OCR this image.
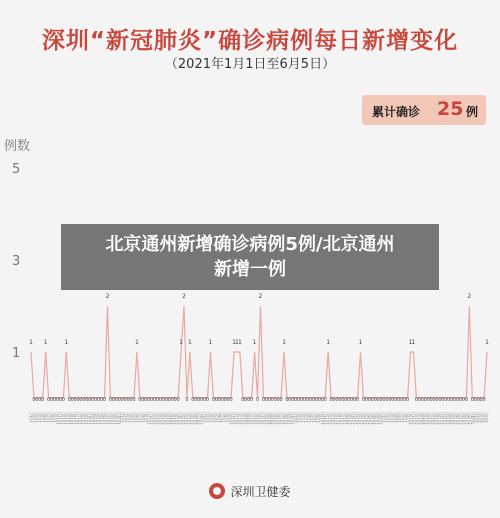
深圳“新冠肺炎”确诊病例每日新增变化
（2021年1月1日至6月5日）
累计确诊 25 例
例数
1
3
5
1
0 0 0 0
1
0 0 0 0 0 0
1
0 0 0 0 0 0 0 0 0 0 0 0 0
2
0 0 0 0 0 0 0 0 0
1
0 0 0 0 0 0 0 0 0 0 0 0 0 0
1
2
0
1
0 0 0 0 0 0
1
0 0 0 0 0 0 0
1 1 1
0 0 0 0
1
0
2
0 0 0 0 0 0 0
1
0 0 0 0 0 0 0 0 0 0 0 0 0 0
1
0 0 0 0 0 0 0 0 0 0
1
0 0 0 0 0 0 0 0 0 0 0 0 0 0 0 0
1 1
0 0 0 0 0 0 0 0 0 0 0 0 0 0 0 0 0 0
2
0 0 0 0 0
1
1月1日
1月2日
1月3日
1月4日
1月5日
1月6日
1月7日
1月8日
1月9日
1月10日
1月11日
1月12日
1月13日
1月14日
1月15日
1月16日
1月17日
1月18日
1月19日
1月20日
1月21日
1月22日
1月23日
1月24日
1月25日
1月26日
1月27日
1月28日
1月29日
1月30日
1月31日
2月1日
2月2日
2月3日
2月4日
2月5日
2月6日
2月7日
2月8日
2月9日
2月10日
2月11日
2月12日
2月13日
2月14日
2月15日
2月16日
2月17日
2月18日
2月19日
2月20日
2月21日
2月22日
2月23日
2月24日
2月25日
2月26日
2月27日
2月28日
3月1日
3月2日
3月3日
3月4日
3月5日
3月6日
3月7日
3月8日
3月9日
3月10日
3月11日
3月12日
3月13日
3月14日
3月15日
3月16日
3月17日
3月18日
3月19日
3月20日
3月21日
3月22日
3月23日
3月24日
3月25日
3月26日
3月27日
3月28日
3月29日
3月30日
3月31日
4月1日
4月2日
4月3日
4月4日
4月5日
4月6日
4月7日
4月8日
4月9日
4月10日
4月11日
4月12日
4月13日
4月14日
4月15日
4月16日
4月17日
4月18日
4月19日
4月20日
4月21日
4月22日
4月23日
4月24日
4月25日
4月26日
4月27日
4月28日
4月29日
4月30日
5月1日
5月2日
5月3日
5月4日
5月5日
5月6日
5月7日
5月8日
5月9日
5月10日
5月11日
5月12日
5月13日
5月14日
5月15日
5月16日
5月17日
5月18日
5月19日
5月20日
5月21日
5月22日
5月23日
5月24日
5月25日
5月26日
5月27日
5月28日
5月29日
5月30日
5月31日
6月1日
6月2日
6月3日
6月4日
6月5日
北京通州新增确诊病例5例/北京通州
新增一例
深圳卫健委
